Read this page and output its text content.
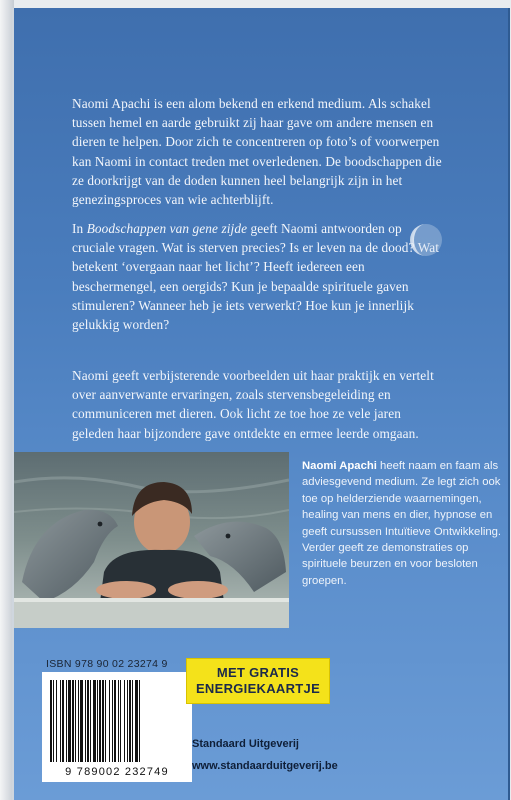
Naomi Apachi is een alom bekend en erkend medium. Als schakel tussen hemel en aarde gebruikt zij haar gave om andere mensen en dieren te helpen. Door zich te concentreren op foto’s of voorwerpen kan Naomi in contact treden met overledenen. De boodschappen die ze doorkrijgt van de doden kunnen heel belangrijk zijn in het genezingsproces van wie achterblijft.

In Boodschappen van gene zijde geeft Naomi antwoorden op cruciale vragen. Wat is sterven precies? Is er leven na de dood? Wat betekent ‘overgaan naar het licht’? Heeft iedereen een beschermengel, een oergids? Kun je bepaalde spirituele gaven stimuleren? Wanneer heb je iets verwerkt? Hoe kun je innerlijk gelukkig worden?

Naomi geeft verbijsterende voorbeelden uit haar praktijk en vertelt over aanverwante ervaringen, zoals stervensbegeleiding en communiceren met dieren. Ook licht ze toe hoe ze vele jaren geleden haar bijzondere gave ontdekte en ermee leerde omgaan.

Naomi Apachi heeft naam en faam als adviesgevend medium. Ze legt zich ook toe op helderziende waarnemingen, healing van mens en dier, hypnose en geeft cursussen Intuïtieve Ontwikkeling. Verder geeft ze demonstraties op spirituele beurzen en voor besloten groepen.

ISBN 978 90 02 23274 9
9 789002 232749
MET GRATIS
ENERGIEKAARTJE
Standaard Uitgeverij
www.standaarduitgeverij.be
